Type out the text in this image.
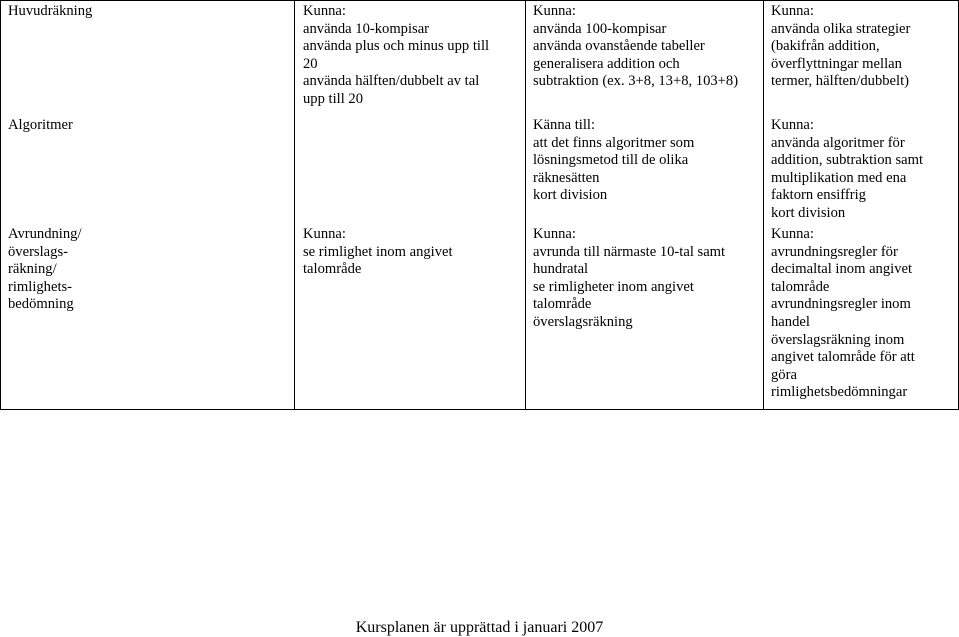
Huvudräkning	Kunna:
använda 10-kompisar
använda plus och minus upp till
20
använda hälften/dubbelt av tal
upp till 20
Kunna:
använda 100-kompisar
använda ovanstående tabeller
generalisera addition och
subtraktion (ex. 3+8, 13+8, 103+8)
Kunna:
använda olika strategier
(bakifrån addition,
överflyttningar mellan
termer, hälften/dubbelt)
Algoritmer	Känna till:
att det finns algoritmer som
lösningsmetod till de olika
räknesätten
kort division
Kunna:
använda algoritmer för
addition, subtraktion samt
multiplikation med ena
faktorn ensiffrig
kort division
Avrundning/
överslags-
räkning/
rimlighets-
bedömning
Kunna:
se rimlighet inom angivet
talområde
Kunna:
avrunda till närmaste 10-tal samt
hundratal
se rimligheter inom angivet
talområde
överslagsräkning
Kunna:
avrundningsregler för
decimaltal inom angivet
talområde
avrundningsregler inom
handel
överslagsräkning inom
angivet talområde för att
göra
rimlighetsbedömningar
Kursplanen är upprättad i januari 2007
